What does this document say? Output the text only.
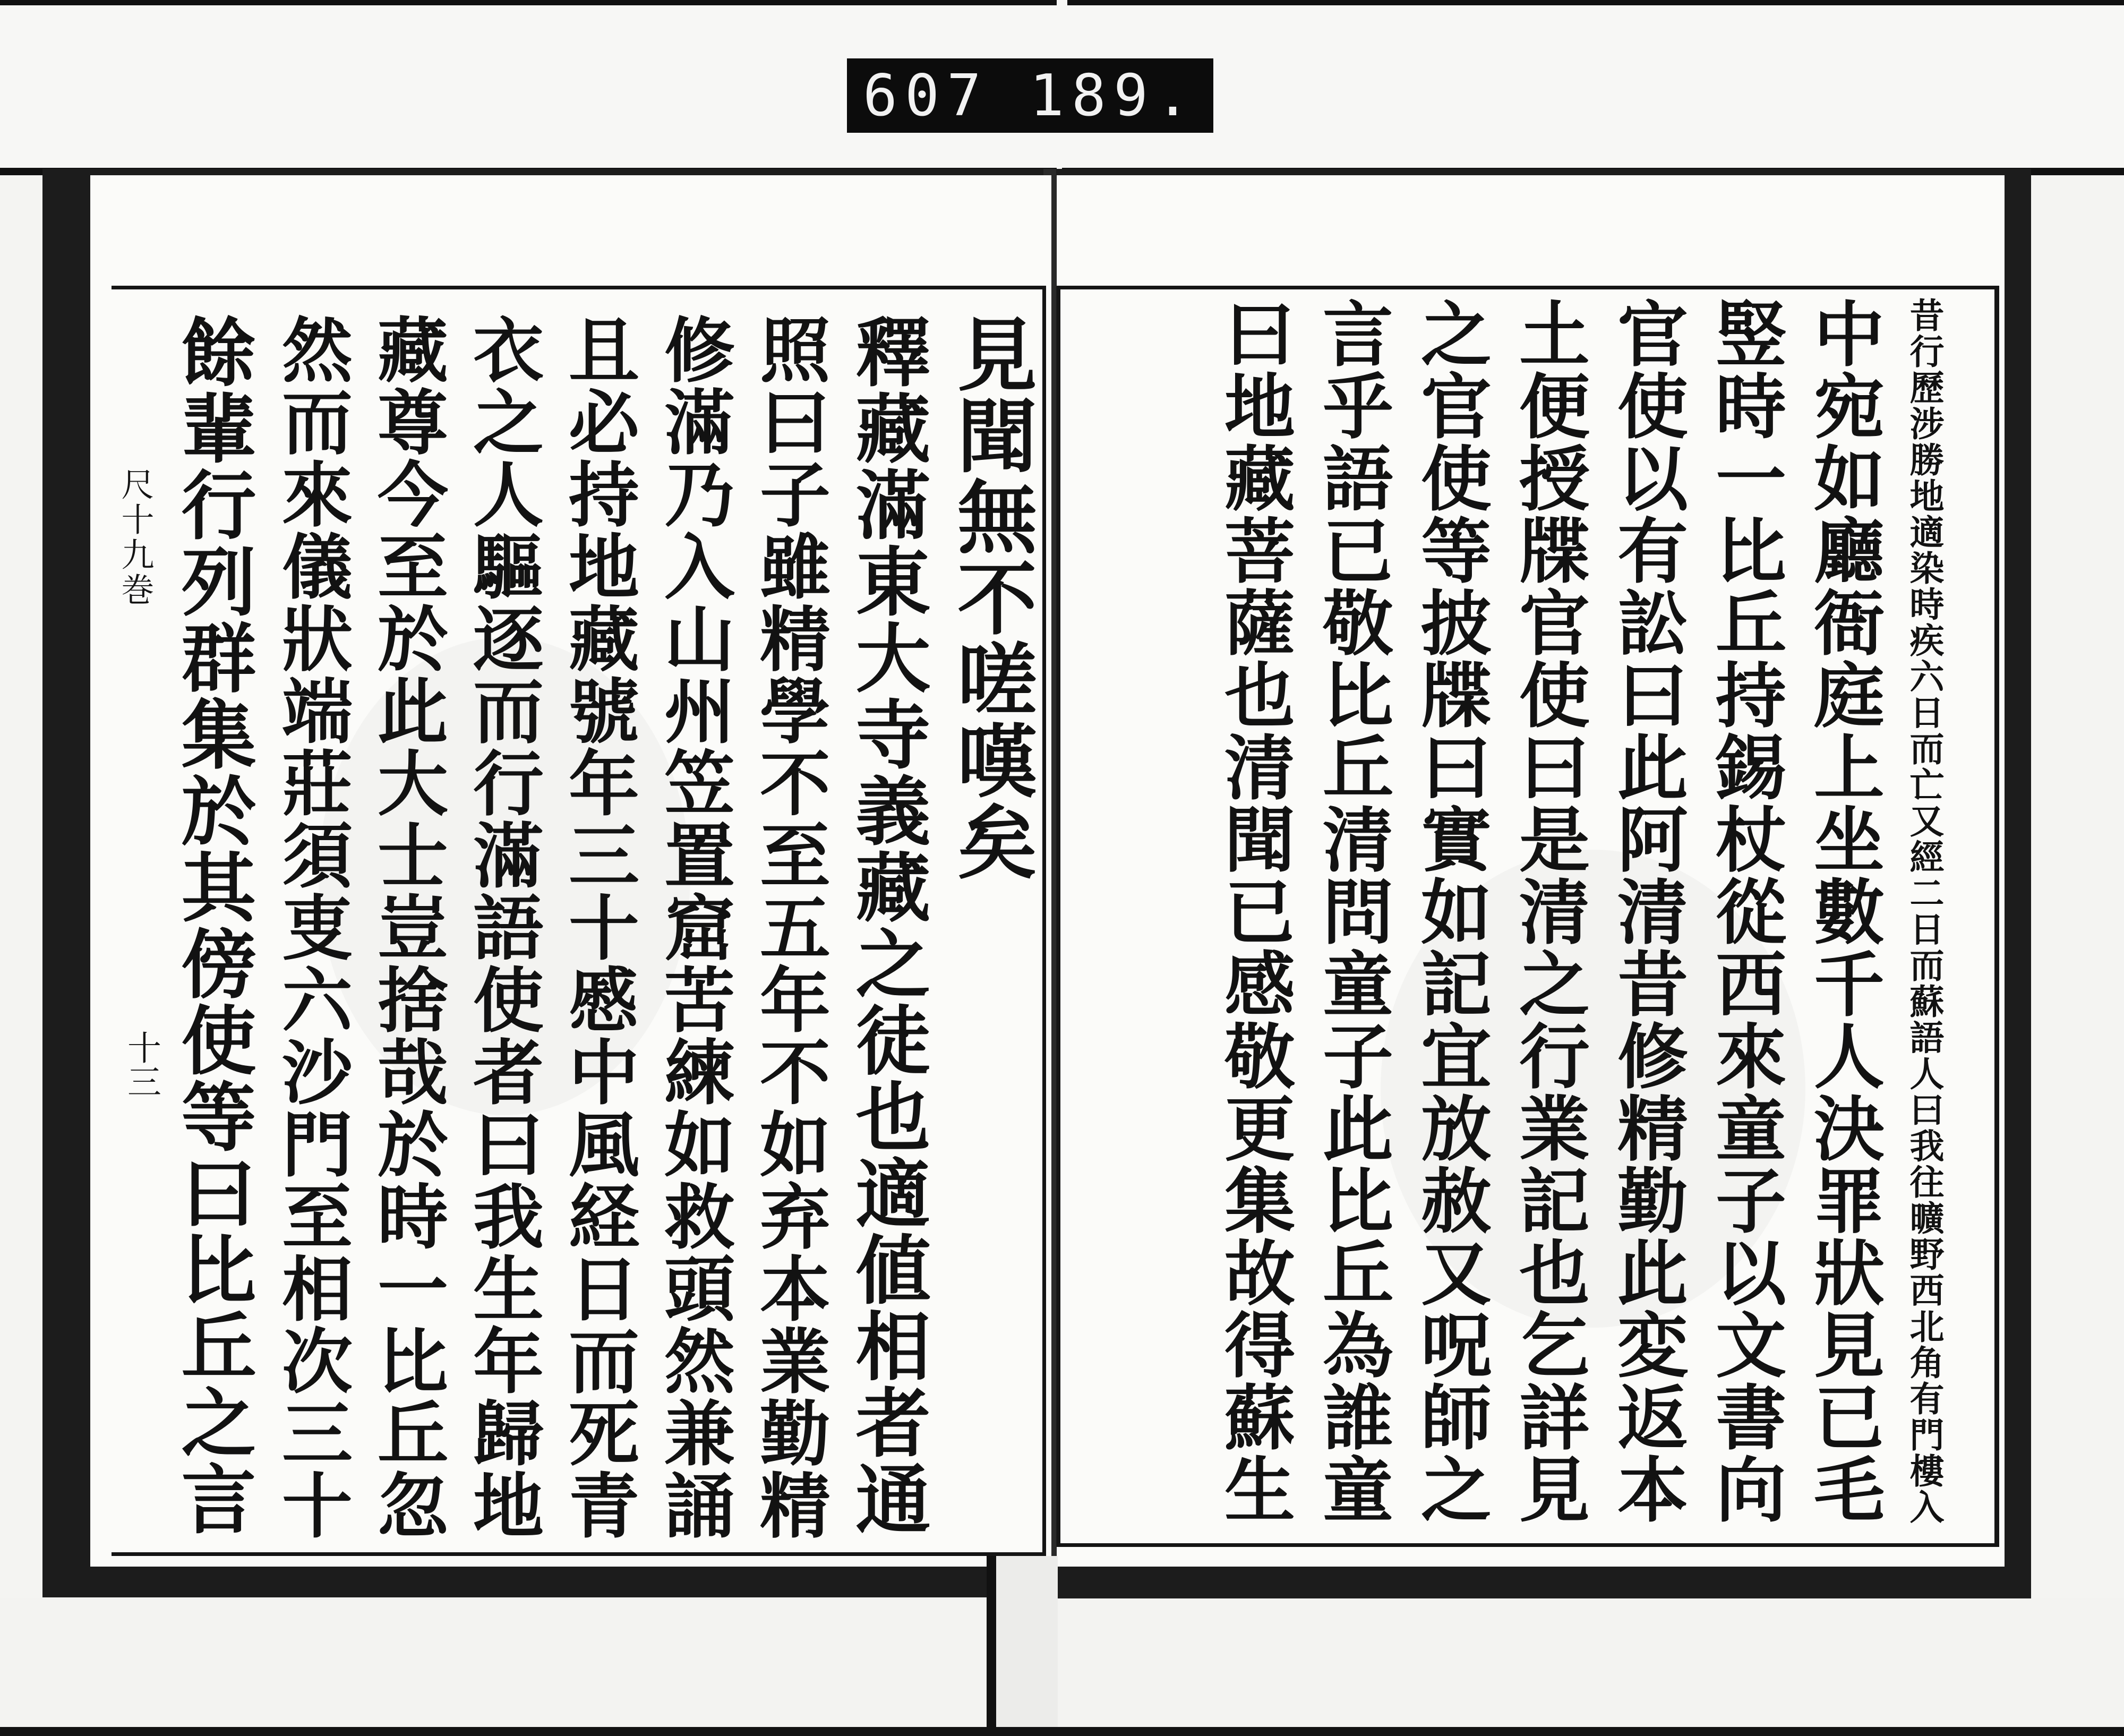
607 189.
尺十九巻
十三	昔行歷涉勝地適染時疾六日而亡又經二日而蘇語人曰我往曠野西北角有門樓入
中宛如廳衙庭上坐數千人決罪狀見已毛
竪時一比丘持錫杖從西來童子以文書向
官使以有訟曰此阿清昔修精勤此変返本
土便授牒官使曰是清之行業記也乞詳見
之官使等披牒曰實如記宜放赦又呪師之
言乎語已敬比丘清問童子此比丘為誰童
曰地藏菩薩也清聞已感敬更集故得蘇生
見聞無不嗟嘆矣
釋藏滿東大寺義藏之徒也適値相者通
照曰子雖精學不至五年不如弃本業勤精
修滿乃入山州笠置窟苦練如救頭然兼誦
且必持地藏號年三十慼中風経日而死青
衣之人驅逐而行滿語使者曰我生年歸地
藏尊今至於此大士豈捨哉於時一比丘忽
然而來儀狀端莊須叓六沙門至相次三十
餘輩行列群集於其傍使等曰比丘之言
